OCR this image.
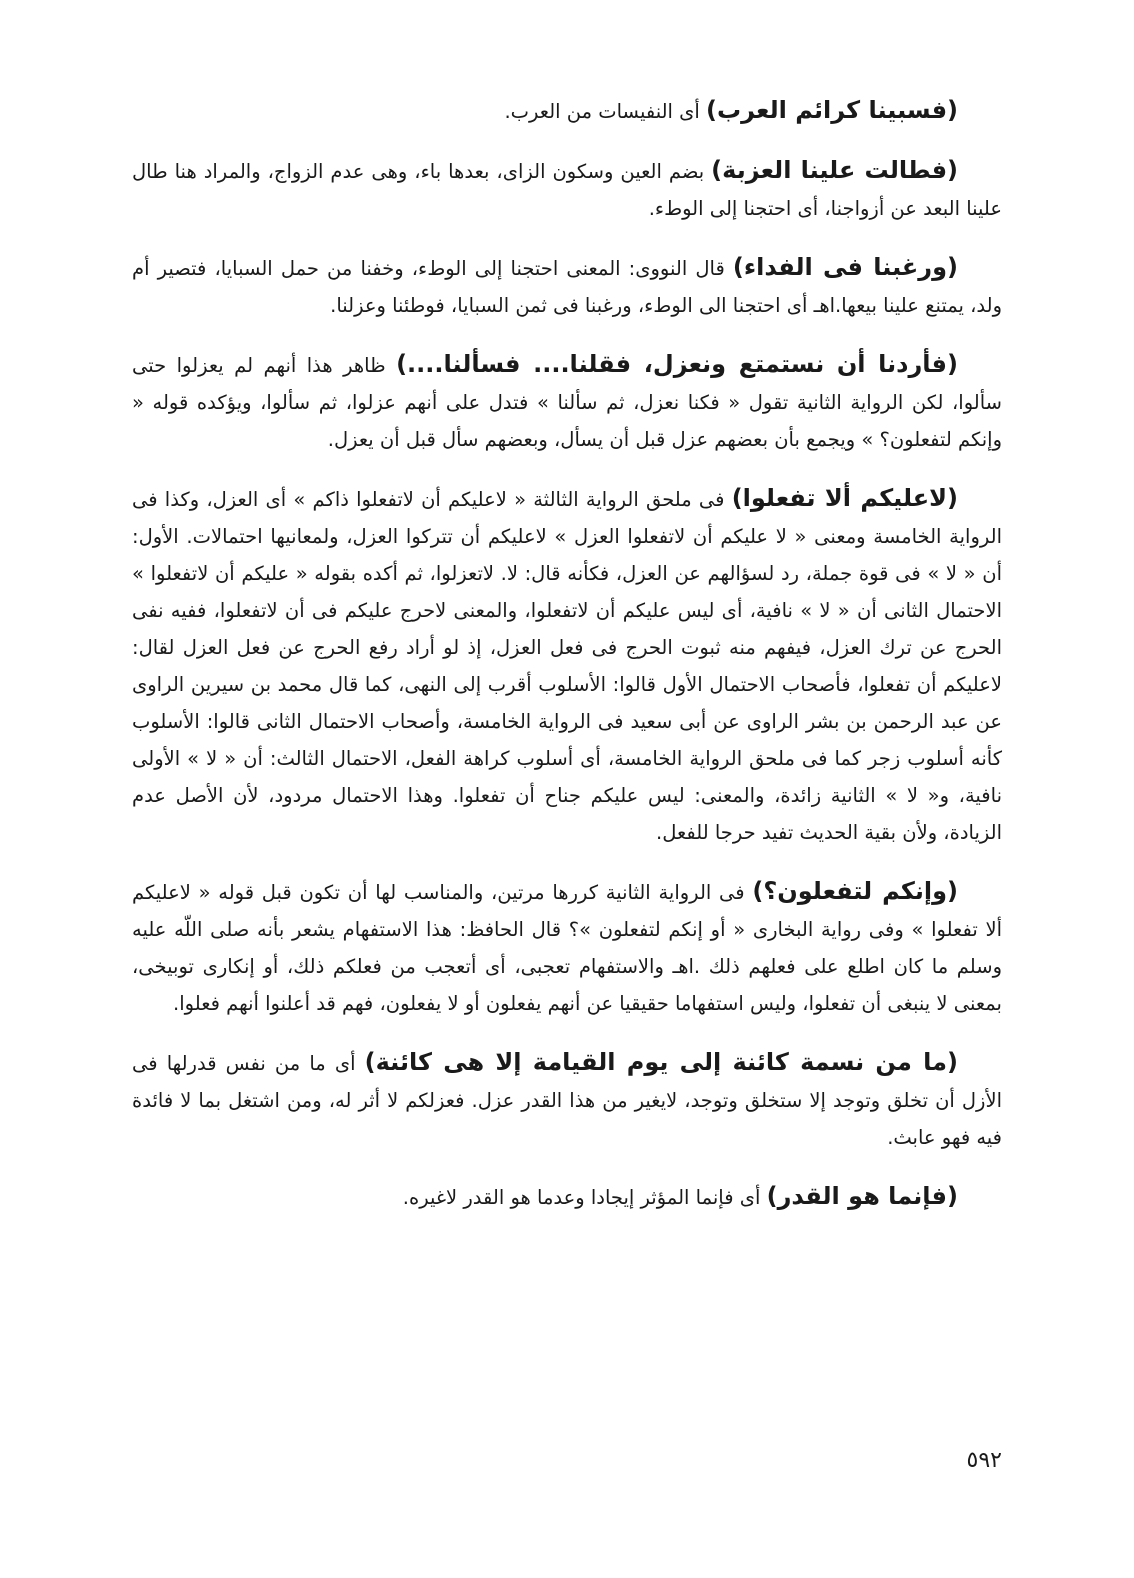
(فسبينا كرائم العرب) أى النفيسات من العرب.

(فطالت علينا العزبة) بضم العين وسكون الزاى، بعدها باء، وهى عدم الزواج، والمراد هنا طال علينا البعد عن أزواجنا، أى احتجنا إلى الوطء.

(ورغبنا فى الفداء) قال النووى: المعنى احتجنا إلى الوطء، وخفنا من حمل السبايا، فتصير أم ولد، يمتنع علينا بيعها.اهـ أى احتجنا الى الوطء، ورغبنا فى ثمن السبايا، فوطئنا وعزلنا.

(فأردنا أن نستمتع ونعزل، فقلنا.... فسألنا....) ظاهر هذا أنهم لم يعزلوا حتى سألوا، لكن الرواية الثانية تقول « فكنا نعزل، ثم سألنا » فتدل على أنهم عزلوا، ثم سألوا، ويؤكده قوله « وإنكم لتفعلون؟ » ويجمع بأن بعضهم عزل قبل أن يسأل، وبعضهم سأل قبل أن يعزل.

(لاعليكم ألا تفعلوا) فى ملحق الرواية الثالثة « لاعليكم أن لاتفعلوا ذاكم » أى العزل، وكذا فى الرواية الخامسة ومعنى « لا عليكم أن لاتفعلوا العزل » لاعليكم أن تتركوا العزل، ولمعانيها احتمالات. الأول: أن « لا » فى قوة جملة، رد لسؤالهم عن العزل، فكأنه قال: لا. لاتعزلوا، ثم أكده بقوله « عليكم أن لاتفعلوا » الاحتمال الثانى أن « لا » نافية، أى ليس عليكم أن لاتفعلوا، والمعنى لاحرج عليكم فى أن لاتفعلوا، ففيه نفى الحرج عن ترك العزل، فيفهم منه ثبوت الحرج فى فعل العزل، إذ لو أراد رفع الحرج عن فعل العزل لقال: لاعليكم أن تفعلوا، فأصحاب الاحتمال الأول قالوا: الأسلوب أقرب إلى النهى، كما قال محمد بن سيرين الراوى عن عبد الرحمن بن بشر الراوى عن أبى سعيد فى الرواية الخامسة، وأصحاب الاحتمال الثانى قالوا: الأسلوب كأنه أسلوب زجر كما فى ملحق الرواية الخامسة، أى أسلوب كراهة الفعل، الاحتمال الثالث: أن « لا » الأولى نافية، و« لا » الثانية زائدة، والمعنى: ليس عليكم جناح أن تفعلوا. وهذا الاحتمال مردود، لأن الأصل عدم الزيادة، ولأن بقية الحديث تفيد حرجا للفعل.

(وإنكم لتفعلون؟) فى الرواية الثانية كررها مرتين، والمناسب لها أن تكون قبل قوله « لاعليكم ألا تفعلوا » وفى رواية البخارى « أو إنكم لتفعلون »؟ قال الحافظ: هذا الاستفهام يشعر بأنه صلى اللّه عليه وسلم ما كان اطلع على فعلهم ذلك .اهـ والاستفهام تعجبى، أى أتعجب من فعلكم ذلك، أو إنكارى توبيخى، بمعنى لا ينبغى أن تفعلوا، وليس استفهاما حقيقيا عن أنهم يفعلون أو لا يفعلون، فهم قد أعلنوا أنهم فعلوا.

(ما من نسمة كائنة إلى يوم القيامة إلا هى كائنة) أى ما من نفس قدرلها فى الأزل أن تخلق وتوجد إلا ستخلق وتوجد، لايغير من هذا القدر عزل. فعزلكم لا أثر له، ومن اشتغل بما لا فائدة فيه فهو عابث.

(فإنما هو القدر) أى فإنما المؤثر إيجادا وعدما هو القدر لاغيره.

٥٩٢
